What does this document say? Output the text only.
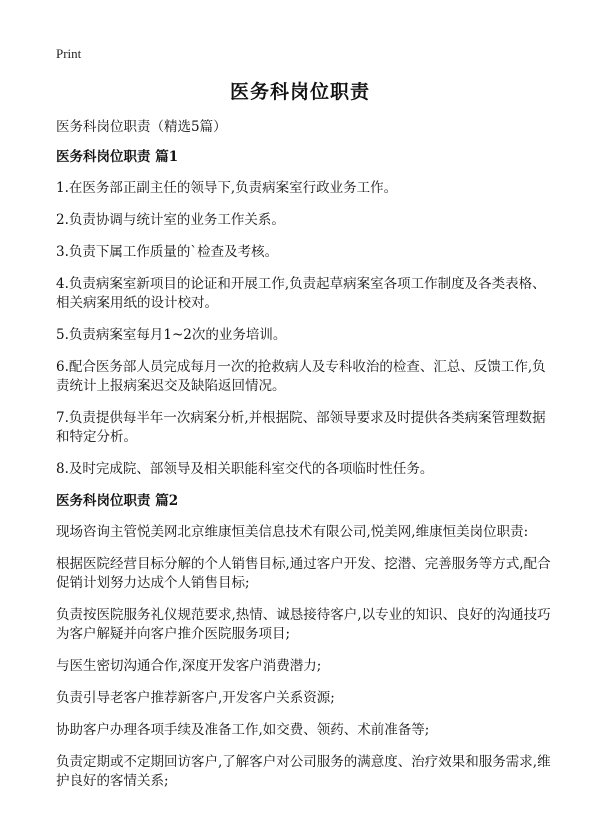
Print
医务科岗位职责
医务科岗位职责（精选5篇）
医务科岗位职责 篇1
1.在医务部正副主任的领导下,负责病案室行政业务工作。
2.负责协调与统计室的业务工作关系。
3.负责下属工作质量的`检查及考核。
4.负责病案室新项目的论证和开展工作,负责起草病案室各项工作制度及各类表格、相关病案用纸的设计校对。
5.负责病案室每月1~2次的业务培训。
6.配合医务部人员完成每月一次的抢救病人及专科收治的检查、汇总、反馈工作,负责统计上报病案迟交及缺陷返回情况。
7.负责提供每半年一次病案分析,并根据院、部领导要求及时提供各类病案管理数据和特定分析。
8.及时完成院、部领导及相关职能科室交代的各项临时性任务。
医务科岗位职责 篇2
现场咨询主管悦美网北京维康恒美信息技术有限公司,悦美网,维康恒美岗位职责:
根据医院经营目标分解的个人销售目标,通过客户开发、挖潜、完善服务等方式,配合促销计划努力达成个人销售目标;
负责按医院服务礼仪规范要求,热情、诚恳接待客户,以专业的知识、良好的沟通技巧为客户解疑并向客户推介医院服务项目;
与医生密切沟通合作,深度开发客户消费潜力;
负责引导老客户推荐新客户,开发客户关系资源;
协助客户办理各项手续及准备工作,如交费、领药、术前准备等;
负责定期或不定期回访客户,了解客户对公司服务的满意度、治疗效果和服务需求,维护良好的客情关系;
